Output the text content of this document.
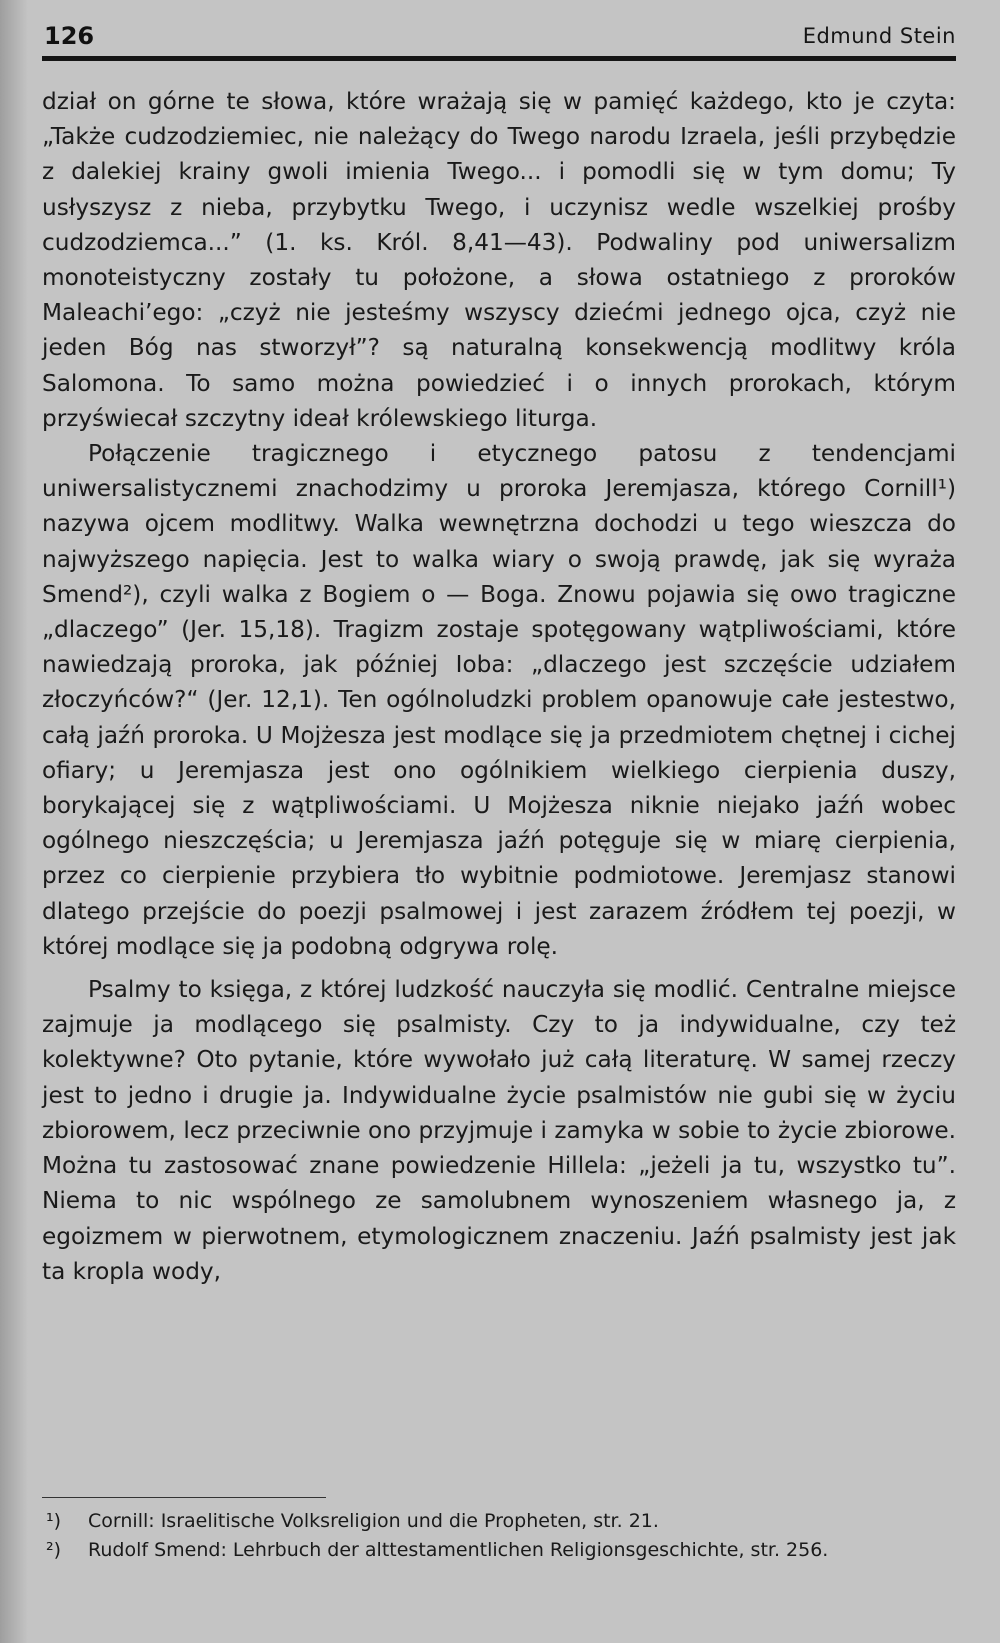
126	Edmund Stein

dział on górne te słowa, które wrażają się w pamięć każdego, kto je czyta: „Także cudzodziemiec, nie należący do Twego narodu Izraela, jeśli przybędzie z dalekiej krainy gwoli imienia Twego... i pomodli się w tym domu; Ty usłyszysz z nieba, przybytku Twego, i uczynisz wedle wszelkiej prośby cudzodziemca...” (1. ks. Król. 8,41—43). Podwaliny pod uniwersalizm monoteistyczny zostały tu położone, a słowa ostatniego z proroków Maleachi’ego: „czyż nie jesteśmy wszyscy dziećmi jednego ojca, czyż nie jeden Bóg nas stworzył”? są naturalną konsekwencją modlitwy króla Salomona. To samo można powiedzieć i o innych prorokach, którym przyświecał szczytny ideał królewskiego liturga.

Połączenie tragicznego i etycznego patosu z tendencjami uniwersalistycznemi znachodzimy u proroka Jeremjasza, którego Cornill¹) nazywa ojcem modlitwy. Walka wewnętrzna dochodzi u tego wieszcza do najwyższego napięcia. Jest to walka wiary o swoją prawdę, jak się wyraża Smend²), czyli walka z Bogiem o — Boga. Znowu pojawia się owo tragiczne „dlaczego” (Jer. 15,18). Tragizm zostaje spotęgowany wątpliwościami, które nawiedzają proroka, jak później Ioba: „dlaczego jest szczęście udziałem złoczyńców?“ (Jer. 12,1). Ten ogólnoludzki problem opanowuje całe jestestwo, całą jaźń proroka. U Mojżesza jest modlące się ja przedmiotem chętnej i cichej ofiary; u Jeremjasza jest ono ogólnikiem wielkiego cierpienia duszy, borykającej się z wątpliwościami. U Mojżesza niknie niejako jaźń wobec ogólnego nieszczęścia; u Jeremjasza jaźń potęguje się w miarę cierpienia, przez co cierpienie przybiera tło wybitnie podmiotowe. Jeremjasz stanowi dlatego przejście do poezji psalmowej i jest zarazem źródłem tej poezji, w której modlące się ja podobną odgrywa rolę.

Psalmy to księga, z której ludzkość nauczyła się modlić. Centralne miejsce zajmuje ja modlącego się psalmisty. Czy to ja indywidualne, czy też kolektywne? Oto pytanie, które wywołało już całą literaturę. W samej rzeczy jest to jedno i drugie ja. Indywidualne życie psalmistów nie gubi się w życiu zbiorowem, lecz przeciwnie ono przyjmuje i zamyka w sobie to życie zbiorowe. Można tu zastosować znane powiedzenie Hillela: „jeżeli ja tu, wszystko tu”. Niema to nic wspólnego ze samolubnem wynoszeniem własnego ja, z egoizmem w pierwotnem, etymologicznem znaczeniu. Jaźń psalmisty jest jak ta kropla wody,

¹)	Cornill: Israelitische Volksreligion und die Propheten, str. 21.
²)	Rudolf Smend: Lehrbuch der alttestamentlichen Religionsgeschichte, str. 256.
